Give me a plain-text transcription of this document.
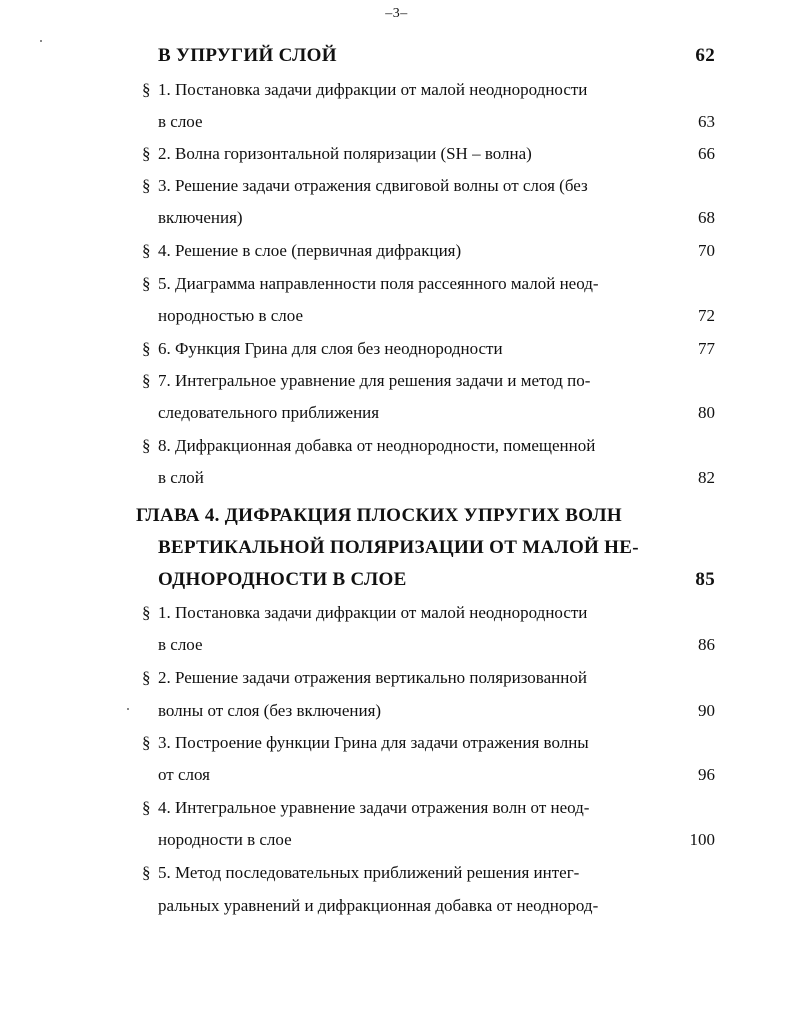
–3–
В УПРУГИЙ СЛОЙ	62
§ 1. Постановка задачи дифракции от малой неоднородности
в слое	63
§ 2. Волна горизонтальной поляризации (SH – волна)	66
§ 3. Решение задачи отражения сдвиговой волны от слоя (без
включения)	68
§ 4. Решение в слое (первичная дифракция)	70
§ 5. Диаграмма направленности поля рассеянного малой неод-
нородностью в слое	72
§ 6. Функция Грина для слоя без неоднородности	77
§ 7. Интегральное уравнение для решения задачи и метод по-
следовательного приближения	80
§ 8. Дифракционная добавка от неоднородности, помещенной
в слой	82
ГЛАВА 4. ДИФРАКЦИЯ ПЛОСКИХ УПРУГИХ ВОЛН
ВЕРТИКАЛЬНОЙ ПОЛЯРИЗАЦИИ ОТ МАЛОЙ НЕ-
ОДНОРОДНОСТИ В СЛОЕ	85
§ 1. Постановка задачи дифракции от малой неоднородности
в слое	86
§ 2. Решение задачи отражения вертикально поляризованной
волны от слоя (без включения)	90
§ 3. Построение функции Грина для задачи отражения волны
от слоя	96
§ 4. Интегральное уравнение задачи отражения волн от неод-
нородности в слое	100
§ 5. Метод последовательных приближений решения интег-
ральных уравнений и дифракционная добавка от неоднород-
